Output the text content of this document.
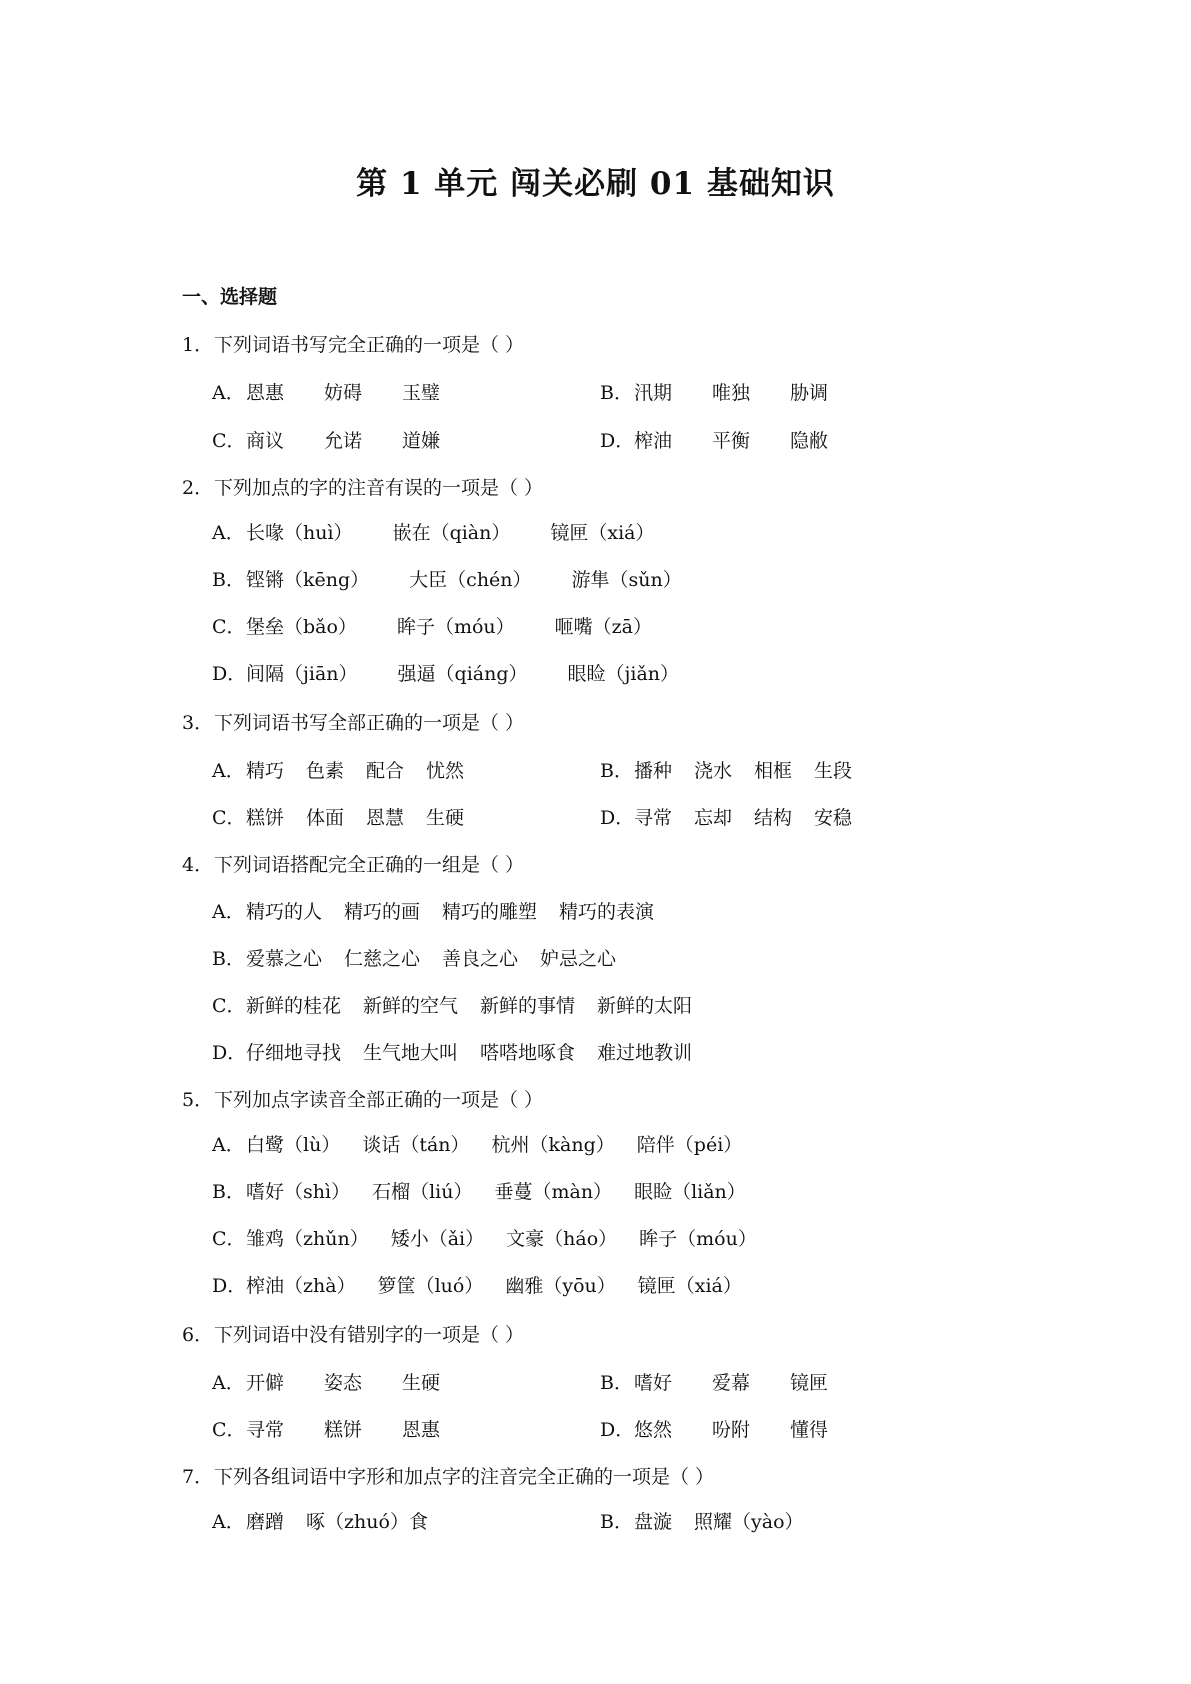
第 1 单元 闯关必刷 01 基础知识
一、选择题
1．下列词语书写完全正确的一项是（ ）
A．恩惠 妨碍 玉璧	B．汛期 唯独 胁调
C．商议 允诺 道嫌	D．榨油 平衡 隐敝
2．下列加点的字的注音有误的一项是（ ）
A．长喙（huì） 嵌在（qiàn） 镜匣（xiá）
B．铿锵（kēng） 大臣（chén） 游隼（sǔn）
C．堡垒（bǎo） 眸子（móu） 咂嘴（zā）
D．间隔（jiān） 强逼（qiáng） 眼睑（jiǎn）
3．下列词语书写全部正确的一项是（ ）
A．精巧 色素 配合 忧然	B．播种 浇水 相框 生段
C．糕饼 体面 恩慧 生硬	D．寻常 忘却 结构 安稳
4．下列词语搭配完全正确的一组是（ ）
A．精巧的人 精巧的画 精巧的雕塑 精巧的表演
B．爱慕之心 仁慈之心 善良之心 妒忌之心
C．新鲜的桂花 新鲜的空气 新鲜的事情 新鲜的太阳
D．仔细地寻找 生气地大叫 嗒嗒地啄食 难过地教训
5．下列加点字读音全部正确的一项是（ ）
A．白鹭（lù） 谈话（tán） 杭州（kàng） 陪伴（péi）
B．嗜好（shì） 石榴（liú） 垂蔓（màn） 眼睑（liǎn）
C．雏鸡（zhǔn） 矮小（ǎi） 文豪（háo） 眸子（móu）
D．榨油（zhà） 箩筐（luó） 幽雅（yōu） 镜匣（xiá）
6．下列词语中没有错别字的一项是（ ）
A．开僻 姿态 生硬	B．嗜好 爱幕 镜匣
C．寻常 糕饼 恩惠	D．悠然 吩附 懂得
7．下列各组词语中字形和加点字的注音完全正确的一项是（ ）
A．磨蹭 啄（zhuó）食	B．盘漩 照耀（yào）
